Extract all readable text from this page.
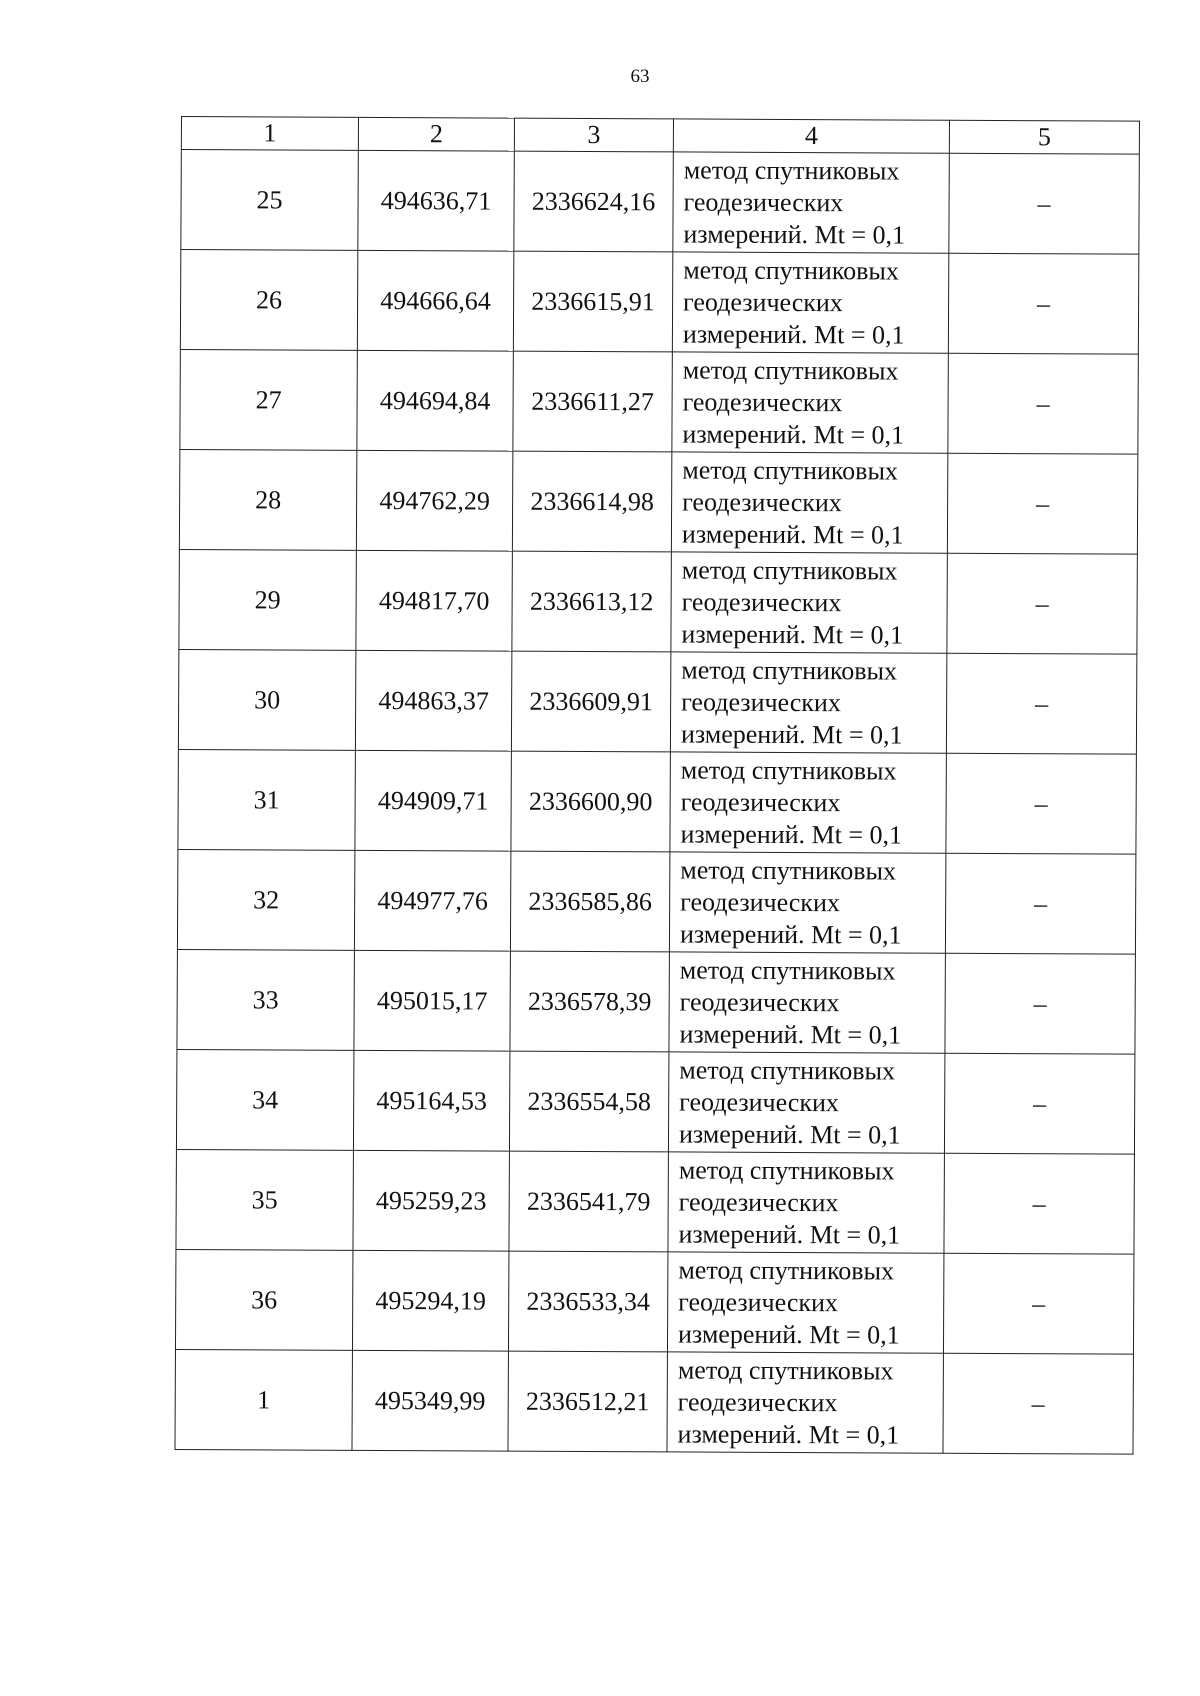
63
1	2	3	4	5
25	494636,71	2336624,16	метод спутниковых
геодезических
измерений. Mt = 0,1	–
26	494666,64	2336615,91	метод спутниковых
геодезических
измерений. Mt = 0,1	–
27	494694,84	2336611,27	метод спутниковых
геодезических
измерений. Mt = 0,1	–
28	494762,29	2336614,98	метод спутниковых
геодезических
измерений. Mt = 0,1	–
29	494817,70	2336613,12	метод спутниковых
геодезических
измерений. Mt = 0,1	–
30	494863,37	2336609,91	метод спутниковых
геодезических
измерений. Mt = 0,1	–
31	494909,71	2336600,90	метод спутниковых
геодезических
измерений. Mt = 0,1	–
32	494977,76	2336585,86	метод спутниковых
геодезических
измерений. Mt = 0,1	–
33	495015,17	2336578,39	метод спутниковых
геодезических
измерений. Mt = 0,1	–
34	495164,53	2336554,58	метод спутниковых
геодезических
измерений. Mt = 0,1	–
35	495259,23	2336541,79	метод спутниковых
геодезических
измерений. Mt = 0,1	–
36	495294,19	2336533,34	метод спутниковых
геодезических
измерений. Mt = 0,1	–
1	495349,99	2336512,21	метод спутниковых
геодезических
измерений. Mt = 0,1	–
